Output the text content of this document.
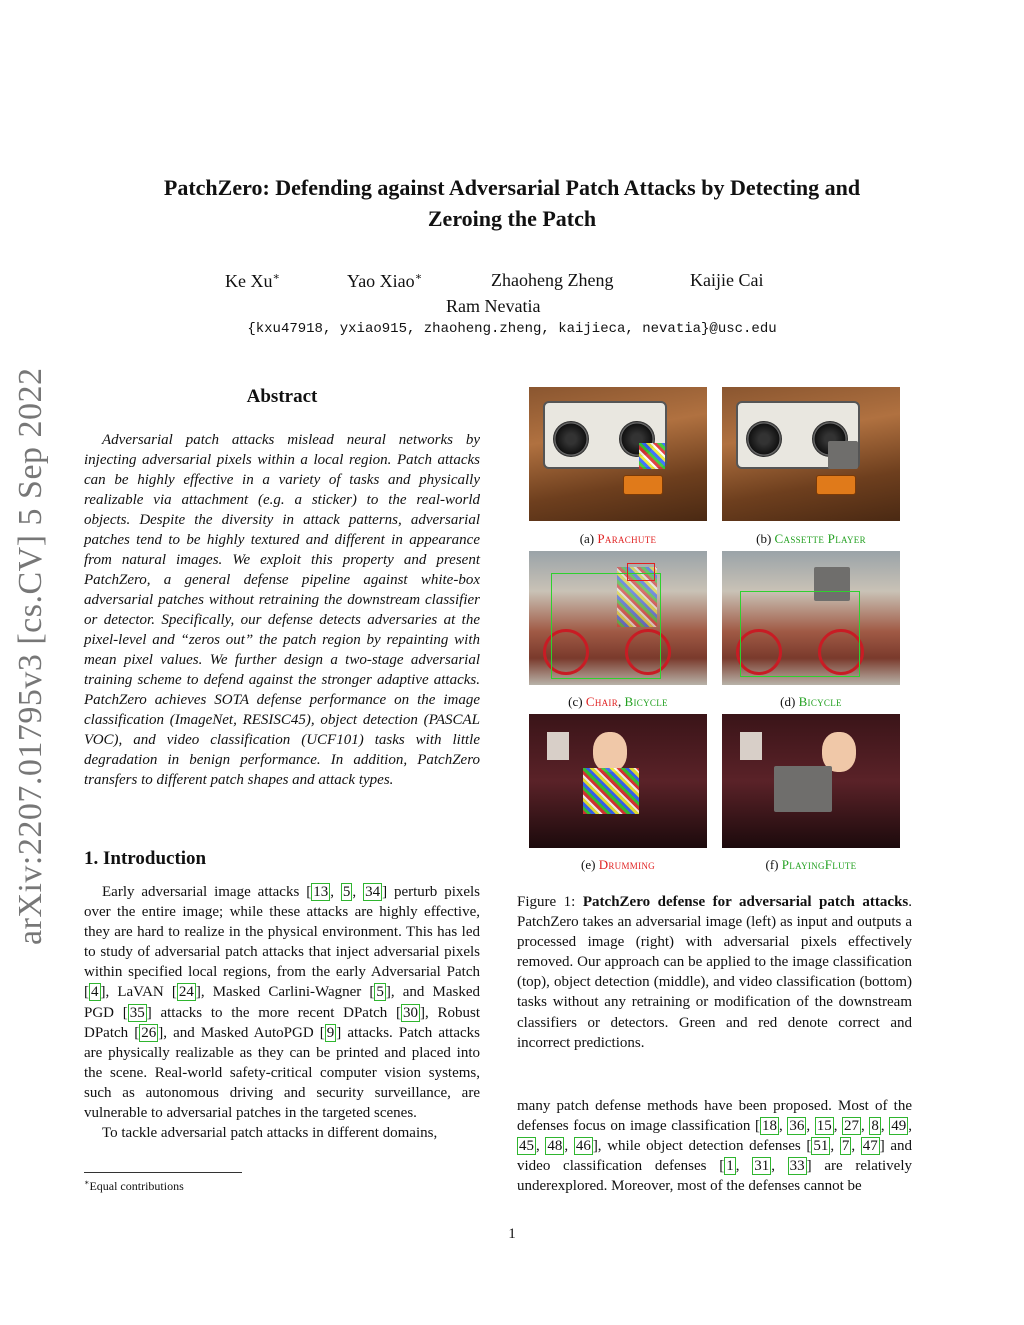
PatchZero: Defending against Adversarial Patch Attacks by Detecting and
Zeroing the Patch
Ke Xu∗	Yao Xiao∗	Zhaoheng Zheng	Kaijie Cai
Ram Nevatia
{kxu47918, yxiao915, zhaoheng.zheng, kaijieca, nevatia}@usc.edu
arXiv:2207.01795v3 [cs.CV] 5 Sep 2022	Abstract
Adversarial patch attacks mislead neural networks by injecting adversarial pixels within a local region. Patch attacks can be highly effective in a variety of tasks and physically realizable via attachment (e.g. a sticker) to the real-world objects. Despite the diversity in attack patterns, adversarial patches tend to be highly textured and different in appearance from natural images. We exploit this property and present PatchZero, a general defense pipeline against white-box adversarial patches without retraining the downstream classifier or detector. Specifically, our defense detects adversaries at the pixel-level and “zeros out” the patch region by repainting with mean pixel values. We further design a two-stage adversarial training scheme to defend against the stronger adaptive attacks. PatchZero achieves SOTA defense performance on the image classification (ImageNet, RESISC45), object detection (PASCAL VOC), and video classification (UCF101) tasks with little degradation in benign performance. In addition, PatchZero transfers to different patch shapes and attack types.
1. Introduction

Early adversarial image attacks [ 13 , 5 , 34 ] perturb pixels over the entire image; while these attacks are highly effective, they are hard to realize in the physical environment. This has led to study of adversarial patch attacks that inject adversarial pixels within specified local regions, from the early Adversarial Patch [ 4 ], LaVAN [ 24 ], Masked Carlini-Wagner [ 5 ], and Masked PGD [ 35 ] attacks to the more recent DPatch [ 30 ], Robust DPatch [ 26 ], and Masked AutoPGD [ 9 ] attacks. Patch attacks are physically realizable as they can be printed and placed into the scene. Real-world safety-critical computer vision systems, such as autonomous driving and security surveillance, are vulnerable to adversarial patches in the targeted scenes.

To tackle adversarial patch attacks in different domains,

∗Equal contributions
(a) Parachute	(b) Cassette Player
(c) Chair, Bicycle	(d) Bicycle
(e) Drumming	(f) PlayingFlute
Figure 1: PatchZero defense for adversarial patch attacks. PatchZero takes an adversarial image (left) as input and outputs a processed image (right) with adversarial pixels effectively removed. Our approach can be applied to the image classification (top), object detection (middle), and video classification (bottom) tasks without any retraining or modification of the downstream classifiers or detectors. Green and red denote correct and incorrect predictions.
many patch defense methods have been proposed. Most of the defenses focus on image classification [ 18 , 36 , 15 , 27 , 8 , 49 , 45 , 48 , 46 ], while object detection defenses [ 51 , 7 , 47 ] and video classification defenses [ 1 , 31 , 33 ] are relatively underexplored. Moreover, most of the defenses cannot be
1
